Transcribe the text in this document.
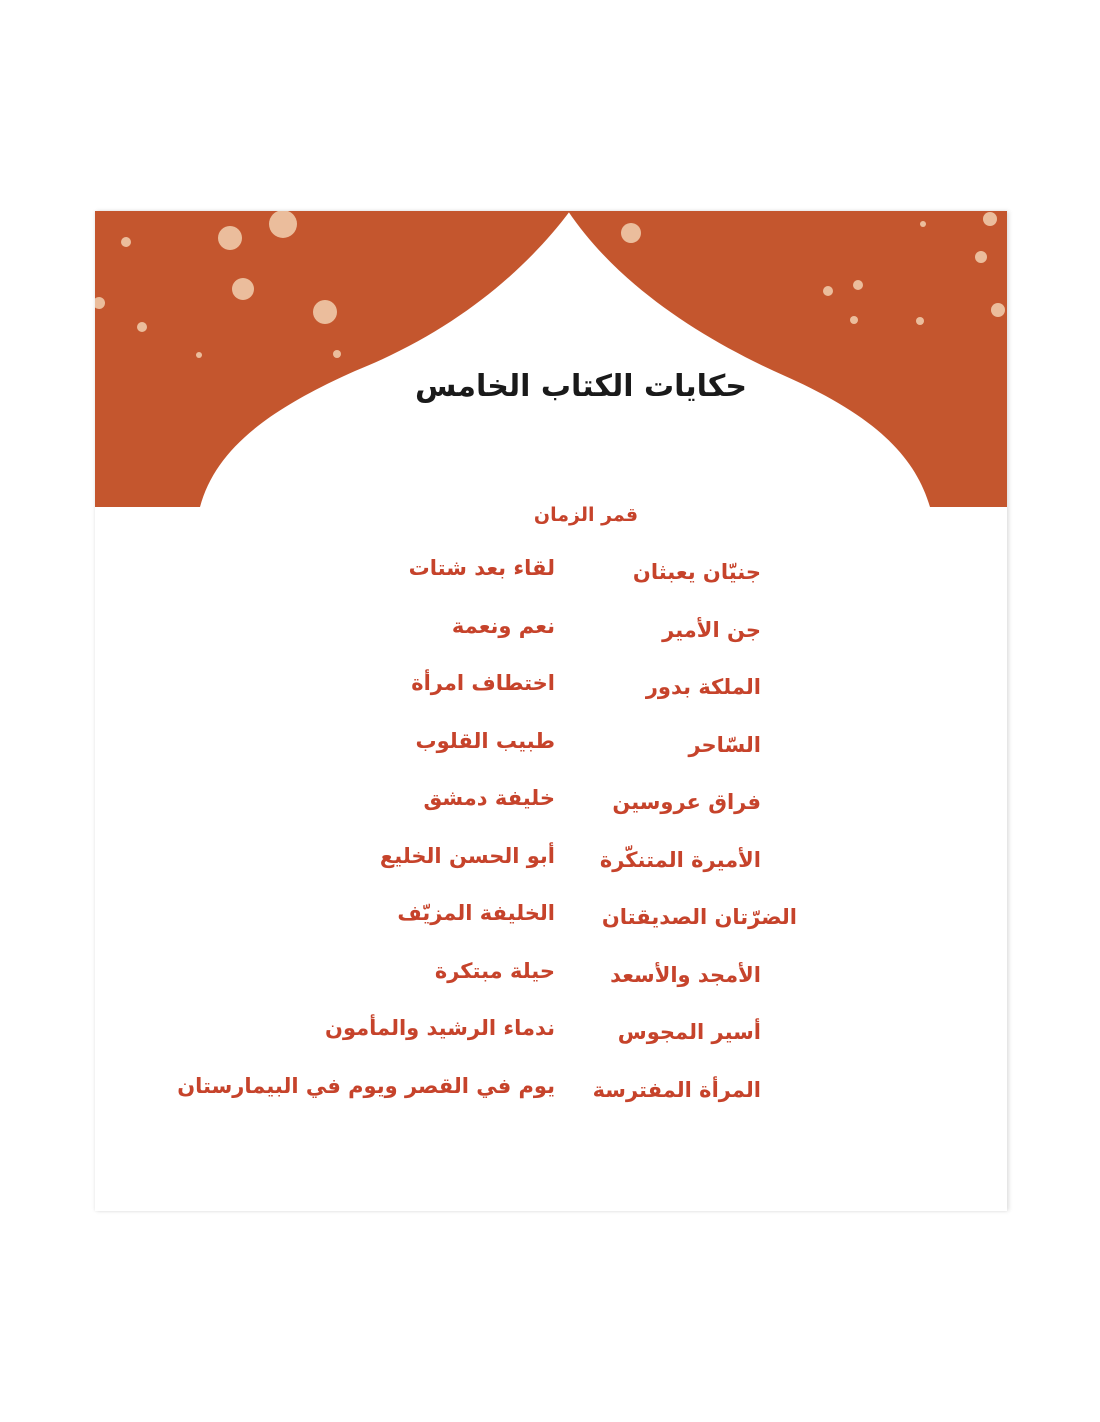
حكايات الكتاب الخامس
قمر الزمان
جنيّان يعبثان
جن الأمير
الملكة بدور
السّاحر
فراق عروسين
الأميرة المتنكّرة
الضرّتان الصديقتان
الأمجد والأسعد
أسير المجوس
المرأة المفترسة
لقاء بعد شتات
نعم ونعمة
اختطاف امرأة
طبيب القلوب
خليفة دمشق
أبو الحسن الخليع
الخليفة المزيّف
حيلة مبتكرة
ندماء الرشيد والمأمون
يوم في القصر ويوم في البيمارستان
